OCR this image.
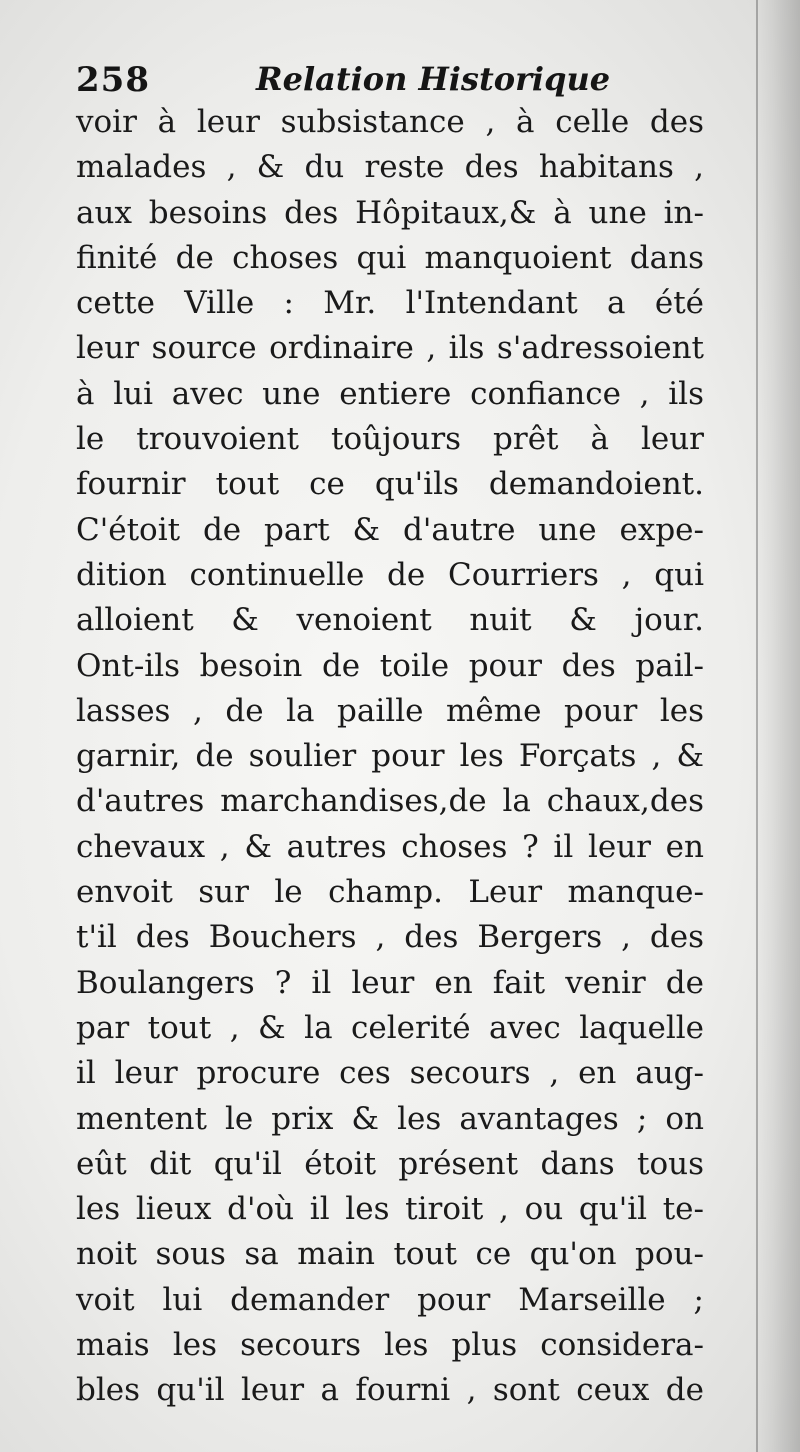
258	Relation Historique
voir à leur subsistance , à celle des
malades , & du reste des habitans ,
aux besoins des Hôpitaux,& à une in-
finité de choses qui manquoient dans
cette Ville : Mr. l'Intendant a été
leur source ordinaire , ils s'adressoient
à lui avec une entiere confiance , ils
le trouvoient toûjours prêt à leur
fournir tout ce qu'ils demandoient.
C'étoit de part & d'autre une expe-
dition continuelle de Courriers , qui
alloient & venoient nuit & jour.
Ont-ils besoin de toile pour des pail-
lasses , de la paille même pour les
garnir, de soulier pour les Forçats , &
d'autres marchandises,de la chaux,des
chevaux , & autres choses ? il leur en
envoit sur le champ. Leur manque-
t'il des Bouchers , des Bergers , des
Boulangers ? il leur en fait venir de
par tout , & la celerité avec laquelle
il leur procure ces secours , en aug-
mentent le prix & les avantages ; on
eût dit qu'il étoit présent dans tous
les lieux d'où il les tiroit , ou qu'il te-
noit sous sa main tout ce qu'on pou-
voit lui demander pour Marseille ;
mais les secours les plus considera-
bles qu'il leur a fourni , sont ceux de
